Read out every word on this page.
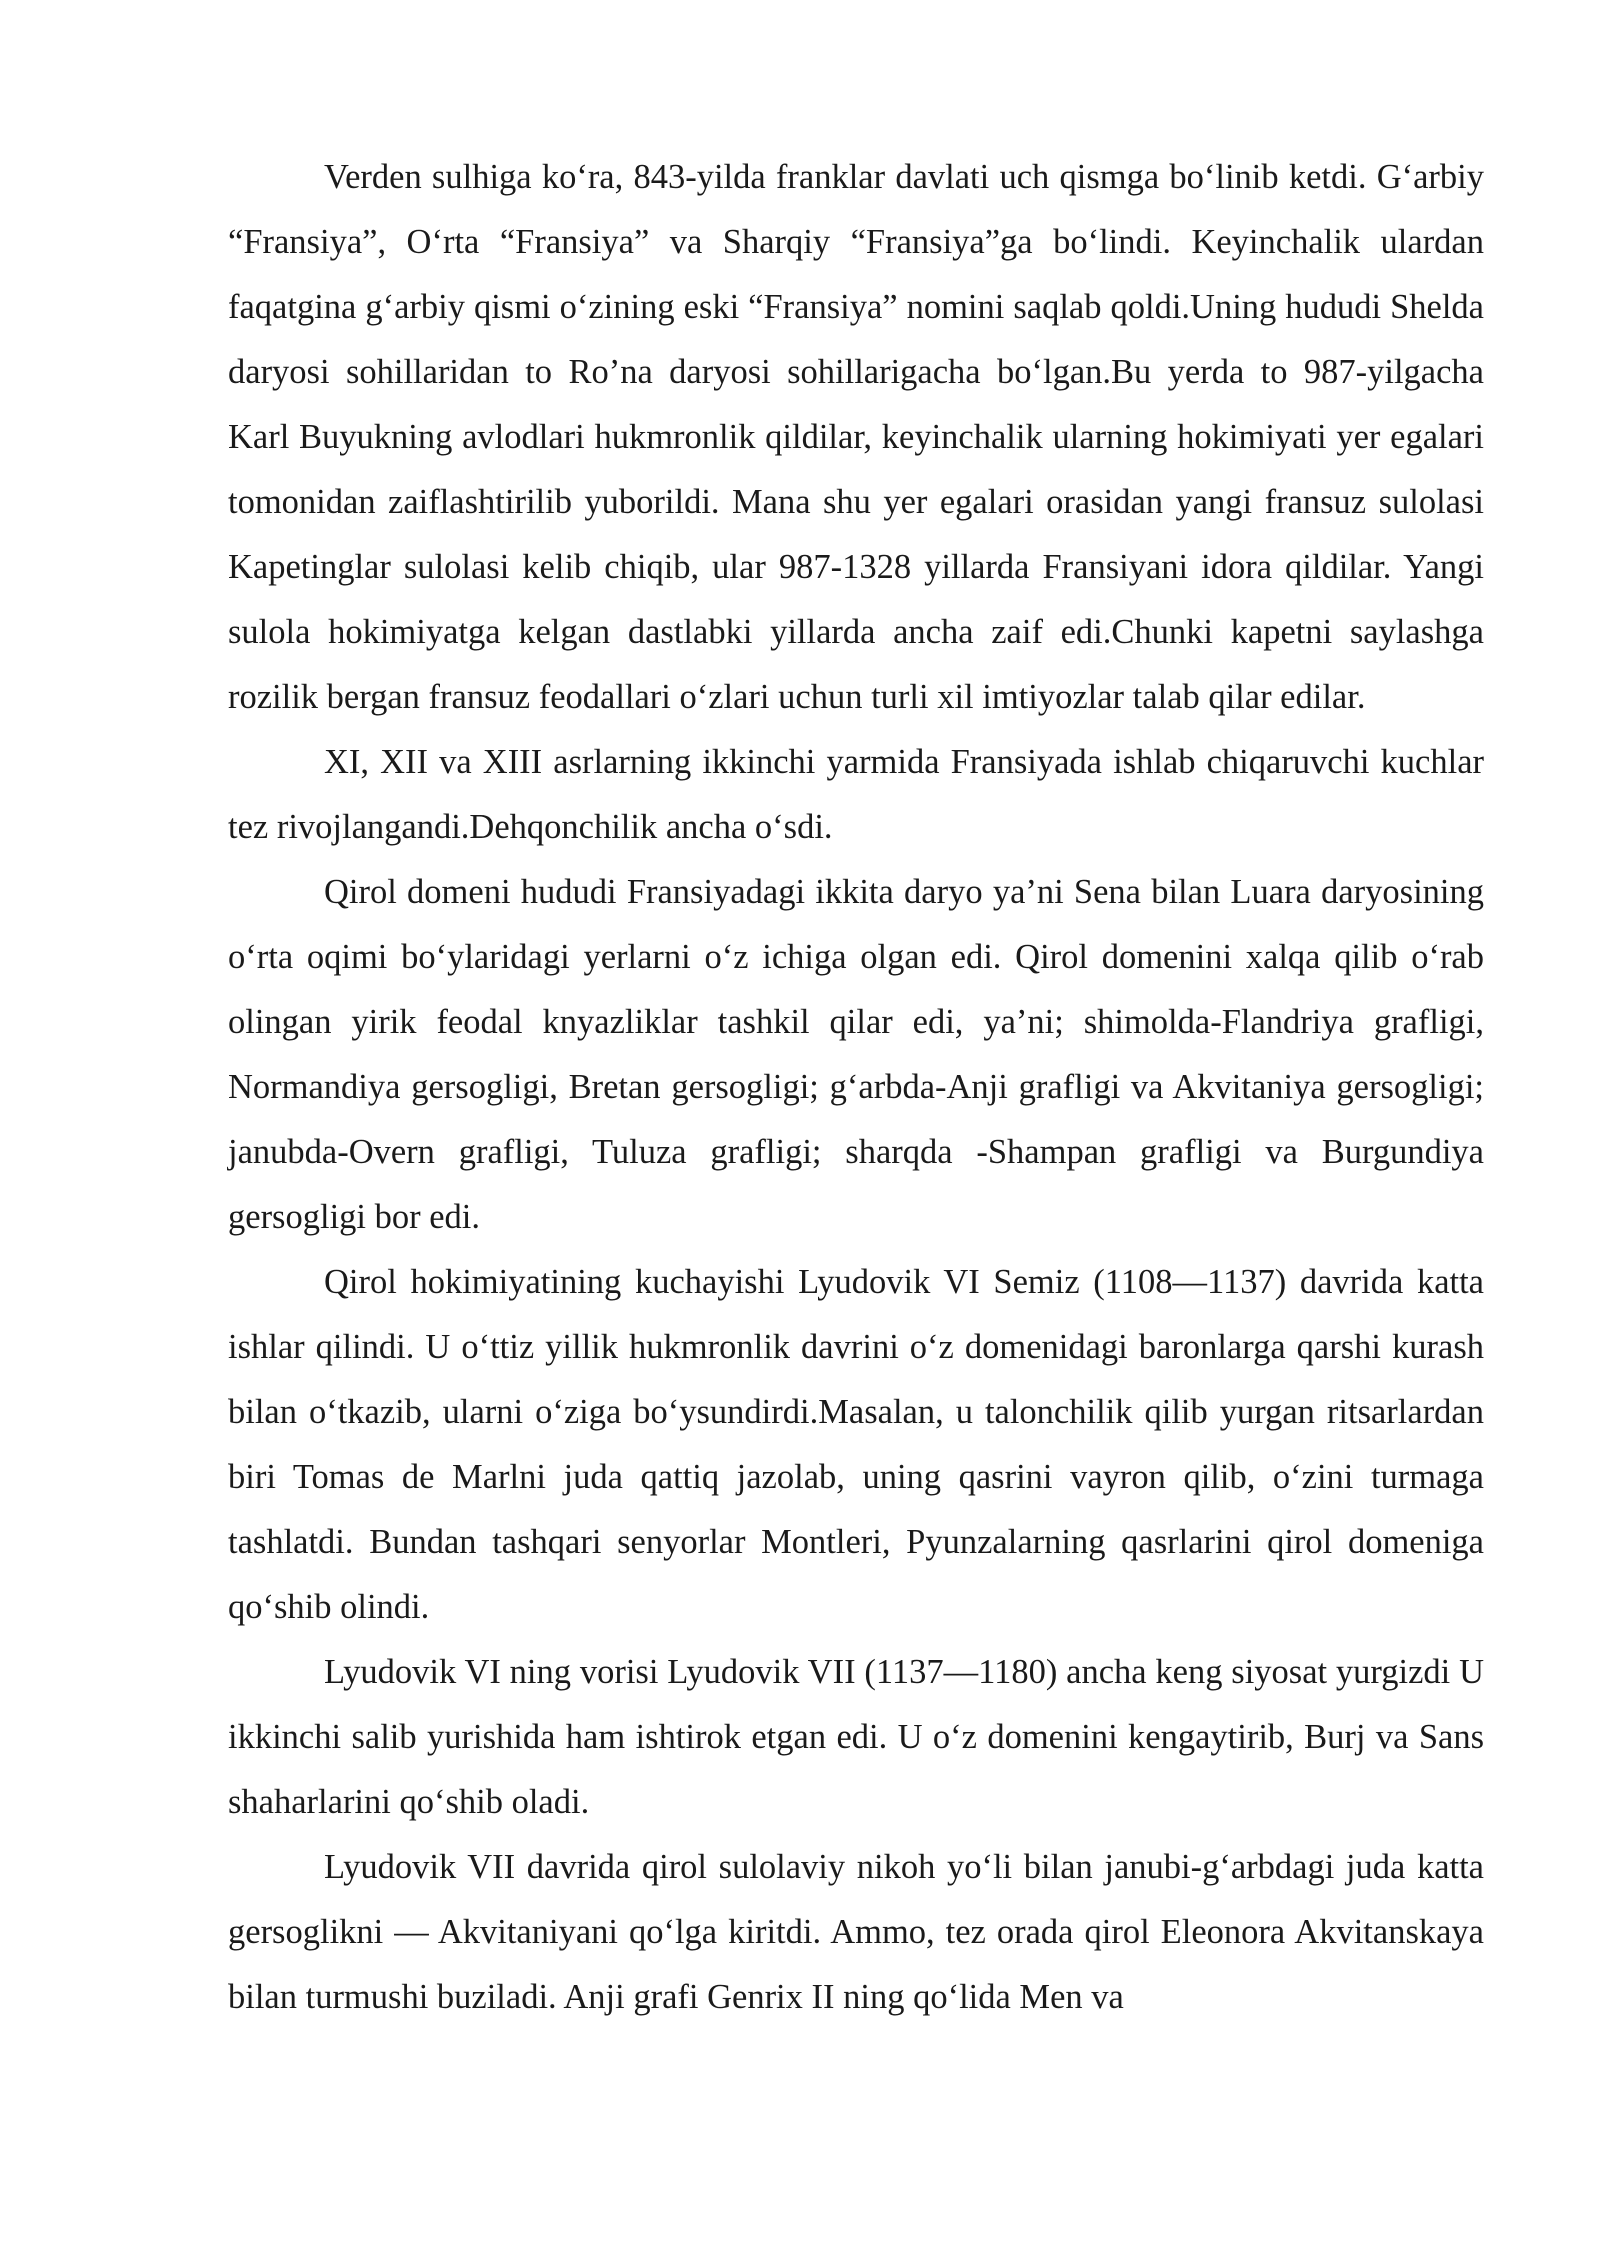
Verden sulhiga ko‘ra, 843-yilda franklar davlati uch qismga bo‘linib ketdi. G‘arbiy “Fransiya”, O‘rta “Fransiya” va Sharqiy “Fransiya”ga bo‘lindi. Keyinchalik ulardan faqatgina g‘arbiy qismi o‘zining eski “Fransiya” nomini saqlab qoldi.Uning hududi Shelda daryosi sohillaridan to Ro’na daryosi sohillarigacha bo‘lgan.Bu yerda to 987-yilgacha Karl Buyukning avlodlari hukmronlik qildilar, keyinchalik ularning hokimiyati yer egalari tomonidan zaiflashtirilib yuborildi. Mana shu yer egalari orasidan yangi fransuz sulolasi Kapetinglar sulolasi kelib chiqib, ular 987-1328 yillarda Fransiyani idora qildilar. Yangi sulola hokimiyatga kelgan dastlabki yillarda ancha zaif edi.Chunki kapetni saylashga rozilik bergan fransuz feodallari o‘zlari uchun turli xil imtiyozlar talab qilar edilar.

XI, XII va XIII asrlarning ikkinchi yarmida Fransiyada ishlab chiqaruvchi kuchlar tez rivojlangandi.Dehqonchilik ancha o‘sdi.

Qirol domeni hududi Fransiyadagi ikkita daryo ya’ni Sena bilan Luara daryosining o‘rta oqimi bo‘ylaridagi yerlarni o‘z ichiga olgan edi. Qirol domenini xalqa qilib o‘rab olingan yirik feodal knyazliklar tashkil qilar edi, ya’ni; shimolda-Flandriya grafligi, Normandiya gersogligi, Bretan gersogligi; g‘arbda-Anji grafligi va Akvitaniya gersogligi; janubda-Overn grafligi, Tuluza grafligi; sharqda -Shampan grafligi va Burgundiya gersogligi bor edi.

Qirol hokimiyatining kuchayishi Lyudovik VI Semiz (1108—1137) davrida katta ishlar qilindi. U o‘ttiz yillik hukmronlik davrini o‘z domenidagi baronlarga qarshi kurash bilan o‘tkazib, ularni o‘ziga bo‘ysundirdi.Masalan, u talonchilik qilib yurgan ritsarlardan biri Tomas de Marlni juda qattiq jazolab, uning qasrini vayron qilib, o‘zini turmaga tashlatdi. Bundan tashqari senyorlar Montleri, Pyunzalarning qasrlarini qirol domeniga qo‘shib olindi.

Lyudovik VI ning vorisi Lyudovik VII (1137—1180) ancha keng siyosat yurgizdi U ikkinchi salib yurishida ham ishtirok etgan edi. U o‘z domenini kengaytirib, Burj va Sans shaharlarini qo‘shib oladi.

Lyudovik VII davrida qirol sulolaviy nikoh yo‘li bilan janubi-g‘arbdagi juda katta gersoglikni — Akvitaniyani qo‘lga kiritdi. Ammo, tez orada qirol Eleonora Akvitanskaya bilan turmushi buziladi. Anji grafi Genrix II ning qo‘lida Men va
